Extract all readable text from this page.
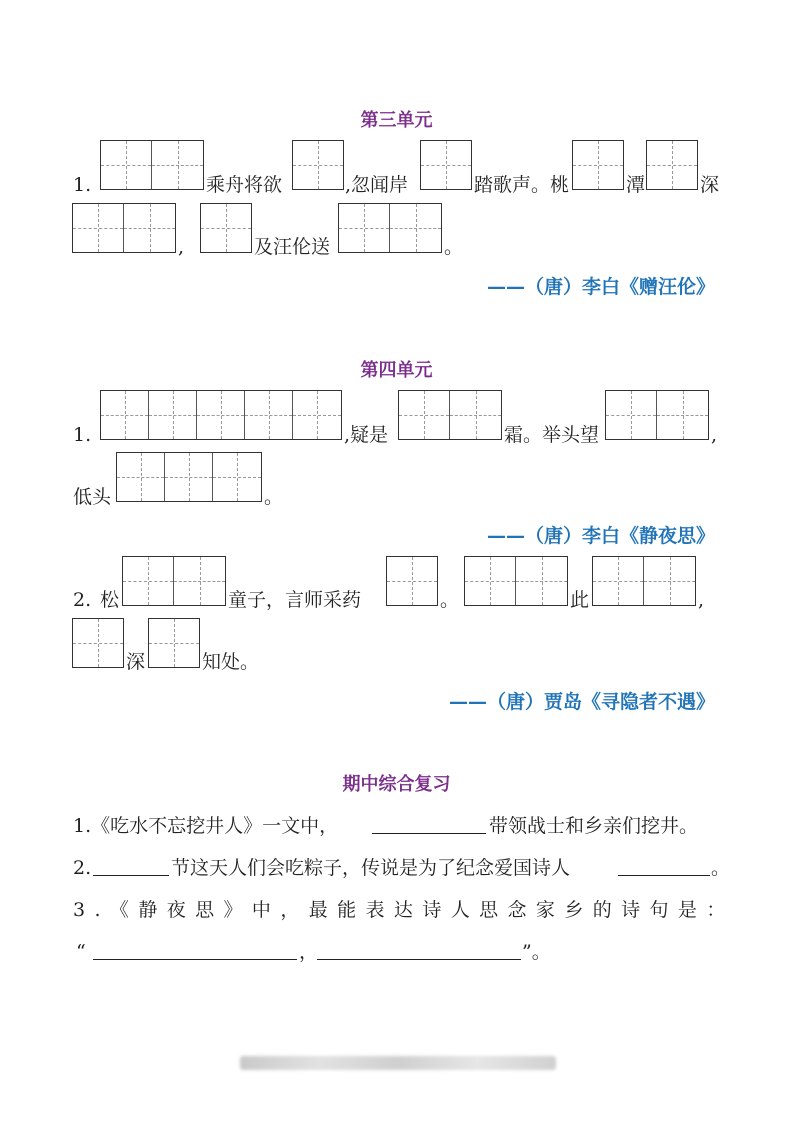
第三单元
1.	乘舟将欲	,忽闻岸	踏歌声。桃	潭	深
,	及汪伦送	。
——（唐）李白《赠汪伦》
第四单元
1.	,疑是	霜。举头望	,
低头	。
——（唐）李白《静夜思》
2. 松	童子，言师采药	。	此	,
深	知处。
——（唐）贾岛《寻隐者不遇》
期中综合复习
1.《吃水不忘挖井人》一文中，	带领战士和乡亲们挖井。
2.	节这天人们会吃粽子，传说是为了纪念爱国诗人	。
3.《静夜思》中，最能表达诗人思念家乡的诗句是：
“	，	”。
